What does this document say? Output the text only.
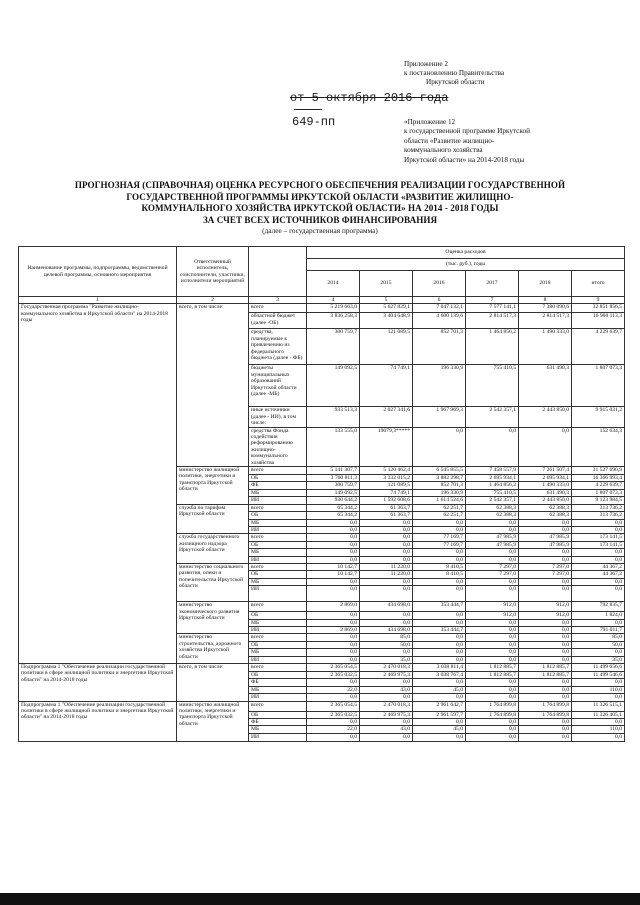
Приложение 2
к постановлению Правительства
Иркутской области
от 5 октября 2016 года
649-пп	«Приложение 12
к государственной программе Иркутской
области «Развитие жилищно-
коммунального хозяйства
Иркутской области» на 2014-2018 годы
ПРОГНОЗНАЯ (СПРАВОЧНАЯ) ОЦЕНКА РЕСУРСНОГО ОБЕСПЕЧЕНИЯ РЕАЛИЗАЦИИ ГОСУДАРСТВЕННОЙ
ГОСУДАРСТВЕННОЙ ПРОГРАММЫ ИРКУТСКОЙ ОБЛАСТИ «РАЗВИТИЕ ЖИЛИЩНО-
КОММУНАЛЬНОГО ХОЗЯЙСТВА ИРКУТСКОЙ ОБЛАСТИ» НА 2014 - 2018 ГОДЫ
ЗА СЧЕТ ВСЕХ ИСТОЧНИКОВ ФИНАНСИРОВАНИЯ
(далее – государственная программа)
Наименование программы, подпрограммы, ведомственной целевой программы, основного мероприятия	Ответственный исполнитель, соисполнители, участники, исполнители мероприятий		Оценка расходов					
			(тыс. руб.), годы					
			2014	2015	2016	2017	2018	итого
1	2	3	4	5	6	7	8	9
Государственная программа "Развитие жилищно-коммунального хозяйства в Иркутской области" на 2014-2018 годы	всего, в том числе:	всего	5 219 663,0	5 627 829,1	7 047 132,1	7 577 141,1	7 380 090,6	32 851 856,5
		областной бюджет (далее -ОБ)	3 836 258,3	3 404 648,9	4 600 139,6	2 814 517,3	2 814 517,3	16 900 113,3
		средства, планируемые к привлечению из федерального бюджета (далее - ФБ)	300 759,7	121 089,5	852 701,3	1 464 856,2	1 490 333,0	4 229 639,7
		бюджеты муниципальных образований Иркутской области (далее -МБ)	149 092,5	74 749,1	196 330,9	755 410,5	631 490,3	1 807 073,3
		иные источники (далее - ИИ), в том числе:	933 513,3	2 027 341,6	1 967 969,3	2 542 357,1	2 443 850,0	9 915 031,2
		средства Фонда содействия реформированию жилищно-коммунального хозяйства	133 555,0	19079,3*****	0,0	0,0	0,0	152 634,3
	министерство жилищной политики, энергетики и транспорта Иркутской области	всего	5 141 307,7	5 120 462,4	6 545 855,5	7 458 557,9	7 261 507,4	31 527 690,9
		ОБ	3 760 811,3	3 332 015,2	3 882 298,7	2 695 934,1	2 695 934,1	16 366 993,4
		ФБ	300 759,7	121 089,5	852 701,3	1 464 856,2	1 490 333,0	4 229 639,7
		МБ	149 092,5	74 749,1	196 330,9	755 410,5	631 490,3	1 807 073,3
		ИИ	930 644,2	1 592 608,6	1 614 524,6	2 542 357,1	2 443 850,0	9 123 984,5
	служба по тарифам Иркутской области	всего	65 344,2	61 363,7	62 251,7	62 388,3	62 388,3	313 736,2
		ОБ	65 344,2	61 363,7	62 251,7	62 388,3	62 388,3	313 736,2
		МБ	0,0	0,0	0,0	0,0	0,0	0,0
		ИИ	0,0	0,0	0,0	0,0	0,0	0,0
	служба государственного жилищного надзора Иркутской области	всего	0,0	0,0	77 169,7	47 985,9	47 985,9	173 141,5
		ОБ	0,0	0,0	77 169,7	47 985,9	47 985,9	173 141,5
		МБ	0,0	0,0	0,0	0,0	0,0	0,0
		ИИ	0,0	0,0	0,0	0,0	0,0	0,0
	министерство социального развития, опеки и попечительства Иркутской области	всего	10 142,7	11 220,0	8 410,5	7 297,0	7 297,0	44 367,2
		ОБ	10 142,7	11 220,0	8 410,5	7 297,0	7 297,0	44 367,2
		МБ	0,0	0,0	0,0	0,0	0,0	0,0
		ИИ	0,0	0,0	0,0	0,0	0,0	0,0
	министерство экономического развития Иркутской области	всего	2 869,0	434 698,0	353 444,7	912,0	912,0	792 835,7
		ОБ	0,0	0,0	0,0	912,0	912,0	1 824,0
		МБ	0,0	0,0	0,0	0,0	0,0	0,0
		ИИ	2 869,0	434 698,0	353 444,7	0,0	0,0	791 011,7
	министерство строительства, дорожного хозяйства Иркутской области	всего	0,0	85,0	0,0	0,0	0,0	85,0
		ОБ	0,0	50,0	0,0	0,0	0,0	50,0
		МБ	0,0	0,0	0,0	0,0	0,0	0,0
		ИИ	0,0	35,0	0,0	0,0	0,0	35,0
Подпрограмма 1 "Обеспечение реализации государственной политики в сфере жилищной политики и энергетики Иркутской области" на 2014-2018 годы	всего, в том числе:	всего	2 365 054,5	2 470 018,3	3 038 811,4	1 812 885,7	1 812 885,7	11 499 656,6
		ОБ	2 365 032,5	2 469 975,3	3 038 767,4	1 812 885,7	1 812 885,7	11 499 546,6
		ФБ	0,0	0,0	0,0	0,0	0,0	0,0
		МБ	22,0	43,0	45,0	0,0	0,0	110,0
		ИИ	0,0	0,0	0,0	0,0	0,0	0,0
Подпрограмма 1 "Обеспечение реализации государственной политики в сфере жилищной политики и энергетики Иркутской области" на 2014-2018 годы	министерство жилищной политики, энергетики и транспорта Иркутской области	всего	2 365 054,5	2 470 018,3	2 961 642,7	1 764 899,8	1 764 899,8	11 326 515,1
		ОБ	2 365 032,5	2 469 975,3	2 961 597,7	1 764 899,8	1 764 899,8	11 326 405,1
		ФБ	0,0	0,0	0,0	0,0	0,0	0,0
		МБ	22,0	43,0	45,0	0,0	0,0	110,0
		ИИ	0,0	0,0	0,0	0,0	0,0	0,0
